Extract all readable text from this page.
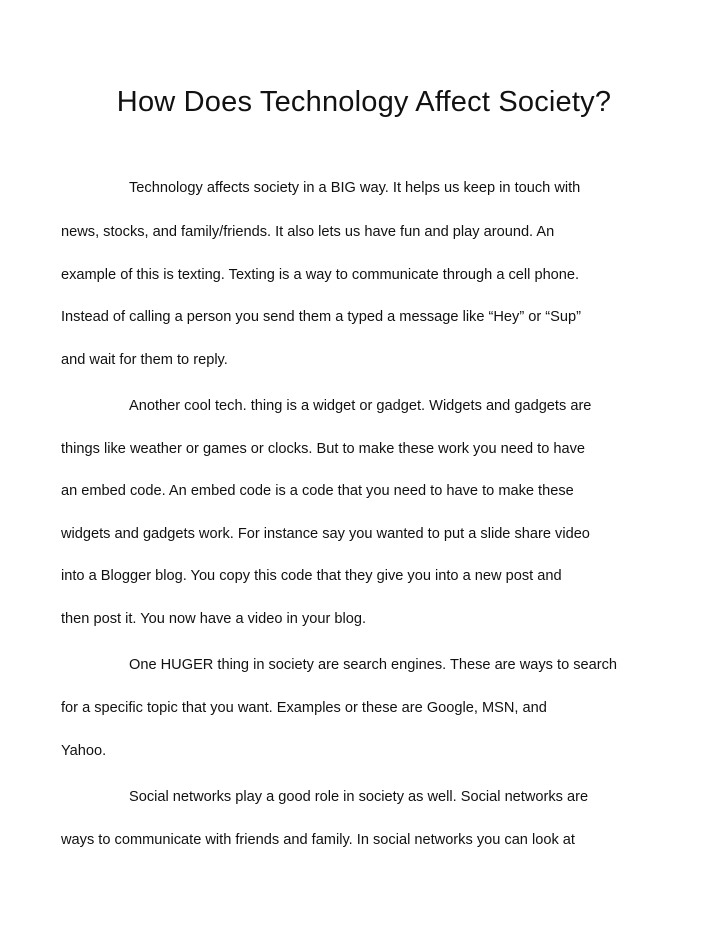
How Does Technology Affect Society?
Technology affects society in a BIG way. It helps us keep in touch with
news, stocks, and family/friends. It also lets us have fun and play around. An
example of this is texting. Texting is a way to communicate through a cell phone.
Instead of calling a person you send them a typed a message like “Hey” or “Sup”
and wait for them to reply.
Another cool tech. thing is a widget or gadget. Widgets and gadgets are
things like weather or games or clocks. But to make these work you need to have
an embed code. An embed code is a code that you need to have to make these
widgets and gadgets work. For instance say you wanted to put a slide share video
into a Blogger blog. You copy this code that they give you into a new post and
then post it. You now have a video in your blog.
One HUGER thing in society are search engines. These are ways to search
for a specific topic that you want. Examples or these are Google, MSN, and
Yahoo.
Social networks play a good role in society as well. Social networks are
ways to communicate with friends and family. In social networks you can look at
